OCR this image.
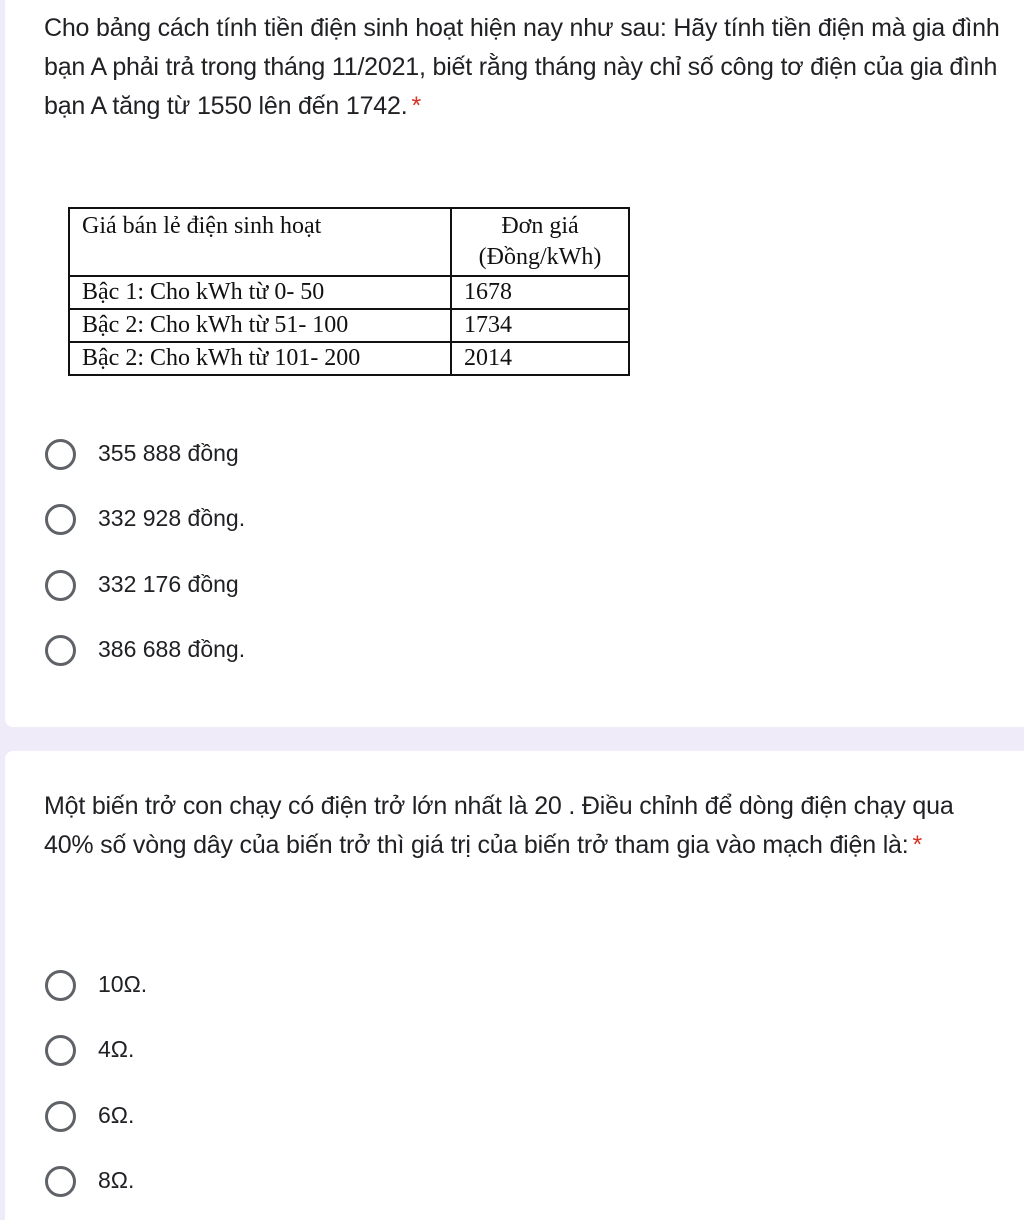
Cho bảng cách tính tiền điện sinh hoạt hiện nay như sau: Hãy tính tiền điện mà gia đình bạn A phải trả trong tháng 11/2021, biết rằng tháng này chỉ số công tơ điện của gia đình bạn A tăng từ 1550 lên đến 1742. *
Giá bán lẻ điện sinh hoạt	Đơn giá
(Đồng/kWh)

Bậc 1: Cho kWh từ 0- 50	1678
Bậc 2: Cho kWh từ 51- 100	1734
Bậc 2: Cho kWh từ 101- 200	2014
355 888 đồng
332 928 đồng.
332 176 đồng
386 688 đồng.
Một biến trở con chạy có điện trở lớn nhất là 20 . Điều chỉnh để dòng điện chạy qua 40% số vòng dây của biến trở thì giá trị của biến trở tham gia vào mạch điện là: *
10Ω.
4Ω.
6Ω.
8Ω.
